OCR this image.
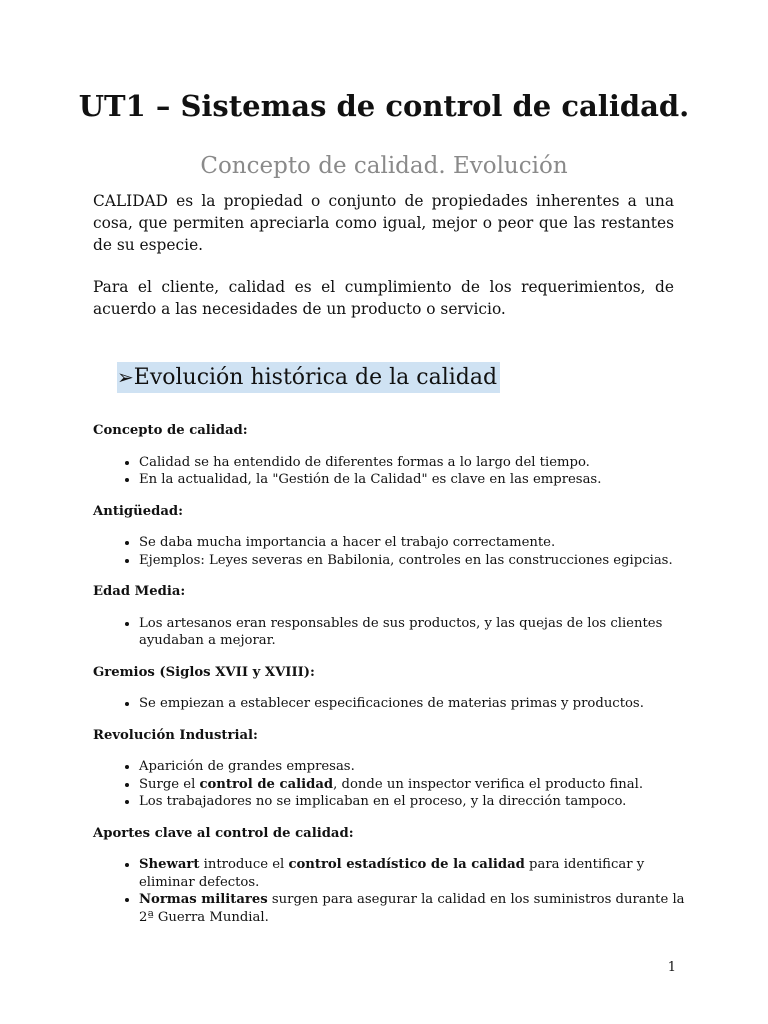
UT1 – Sistemas de control de calidad.
Concepto de calidad. Evolución

CALIDAD es la propiedad o conjunto de propiedades inherentes a una cosa, que permiten apreciarla como igual, mejor o peor que las restantes de su especie.

Para el cliente, calidad es el cumplimiento de los requerimientos, de acuerdo a las necesidades de un producto o servicio.

➢Evolución histórica de la calidad
Concepto de calidad:
• Calidad se ha entendido de diferentes formas a lo largo del tiempo.
• En la actualidad, la "Gestión de la Calidad" es clave en las empresas.
Antigüedad:
• Se daba mucha importancia a hacer el trabajo correctamente.
• Ejemplos: Leyes severas en Babilonia, controles en las construcciones egipcias.
Edad Media:
• Los artesanos eran responsables de sus productos, y las quejas de los clientes ayudaban a mejorar.
Gremios (Siglos XVII y XVIII):
• Se empiezan a establecer especificaciones de materias primas y productos.
Revolución Industrial:
• Aparición de grandes empresas.
• Surge el control de calidad, donde un inspector verifica el producto final.
• Los trabajadores no se implicaban en el proceso, y la dirección tampoco.
Aportes clave al control de calidad:
• Shewart introduce el control estadístico de la calidad para identificar y eliminar defectos.
• Normas militares surgen para asegurar la calidad en los suministros durante la 2ª Guerra Mundial.
1
